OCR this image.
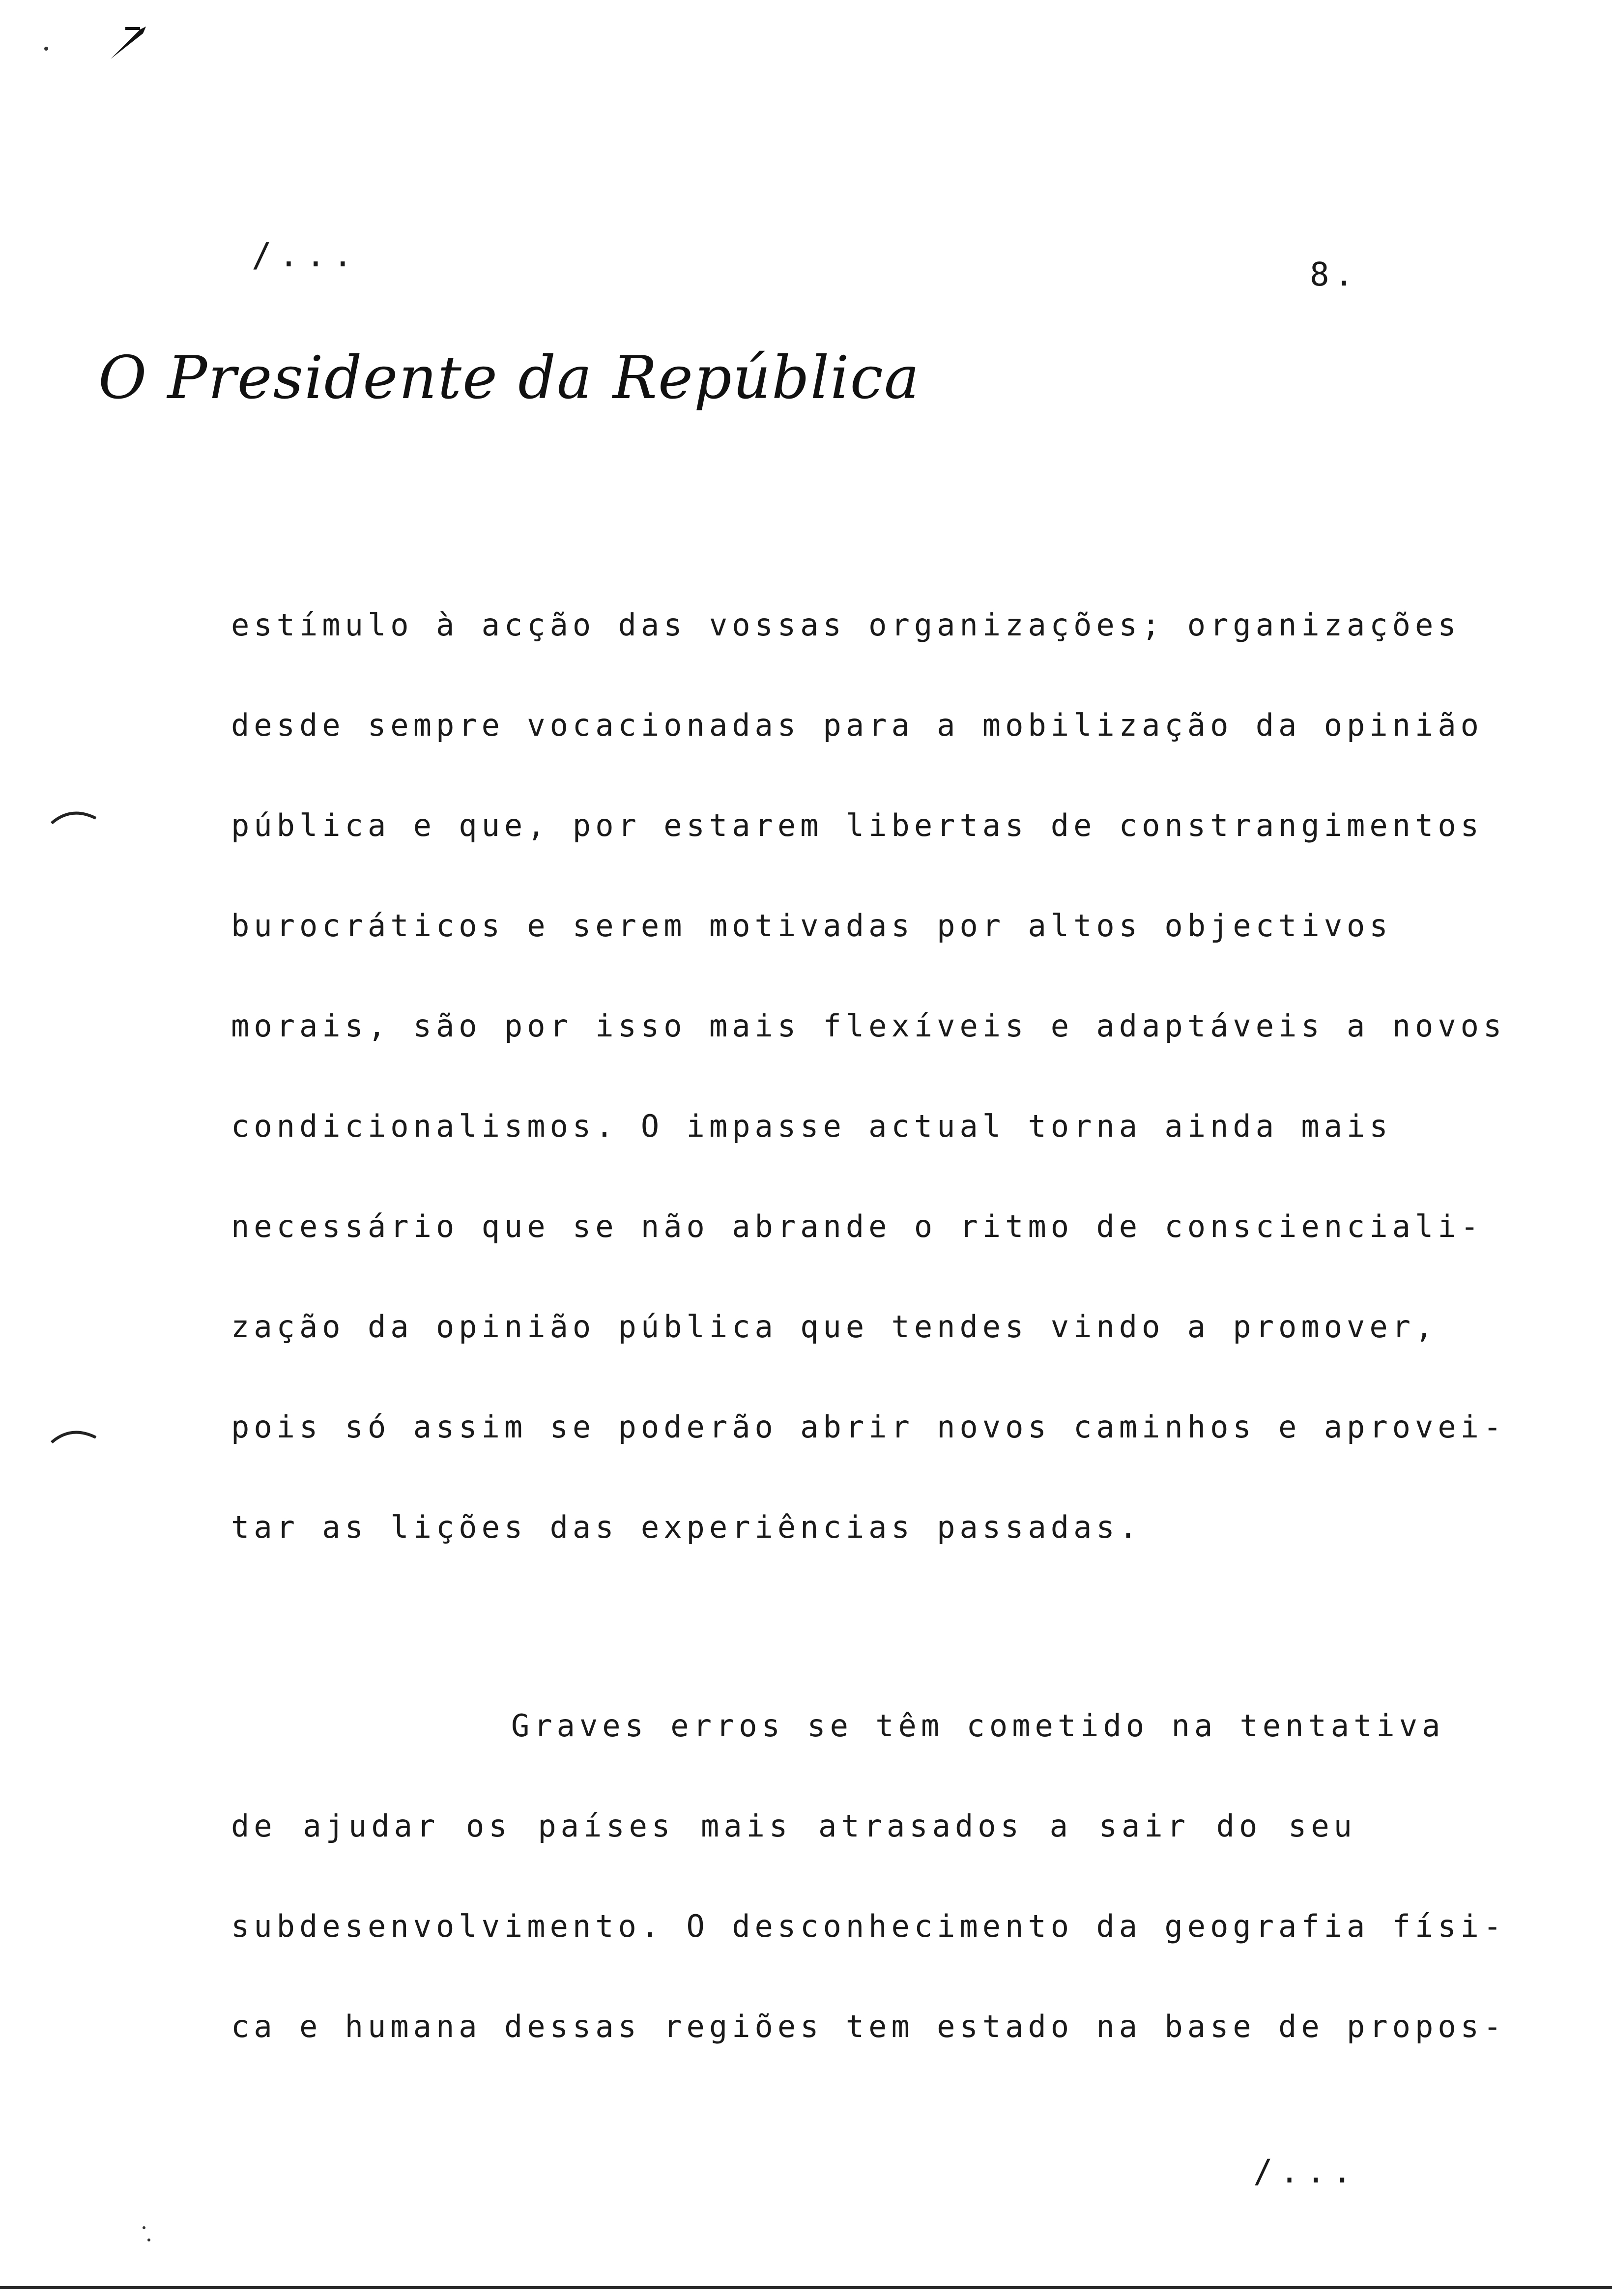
/...	8.
O Presidente da República
estímulo à acção das vossas organizações; organizações
desde sempre vocacionadas para a mobilização da opinião
pública e que, por estarem libertas de constrangimentos
burocráticos e serem motivadas por altos objectivos
morais, são por isso mais flexíveis e adaptáveis a novos
condicionalismos. O impasse actual torna ainda mais
necessário que se não abrande o ritmo de conscienciali-
zação da opinião pública que tendes vindo a promover,
pois só assim se poderão abrir novos caminhos e aprovei-
tar as lições das experiências passadas.
Graves erros se têm cometido na tentativa
de ajudar os países mais atrasados a sair do seu
subdesenvolvimento. O desconhecimento da geografia físi-
ca e humana dessas regiões tem estado na base de propos-
/...
